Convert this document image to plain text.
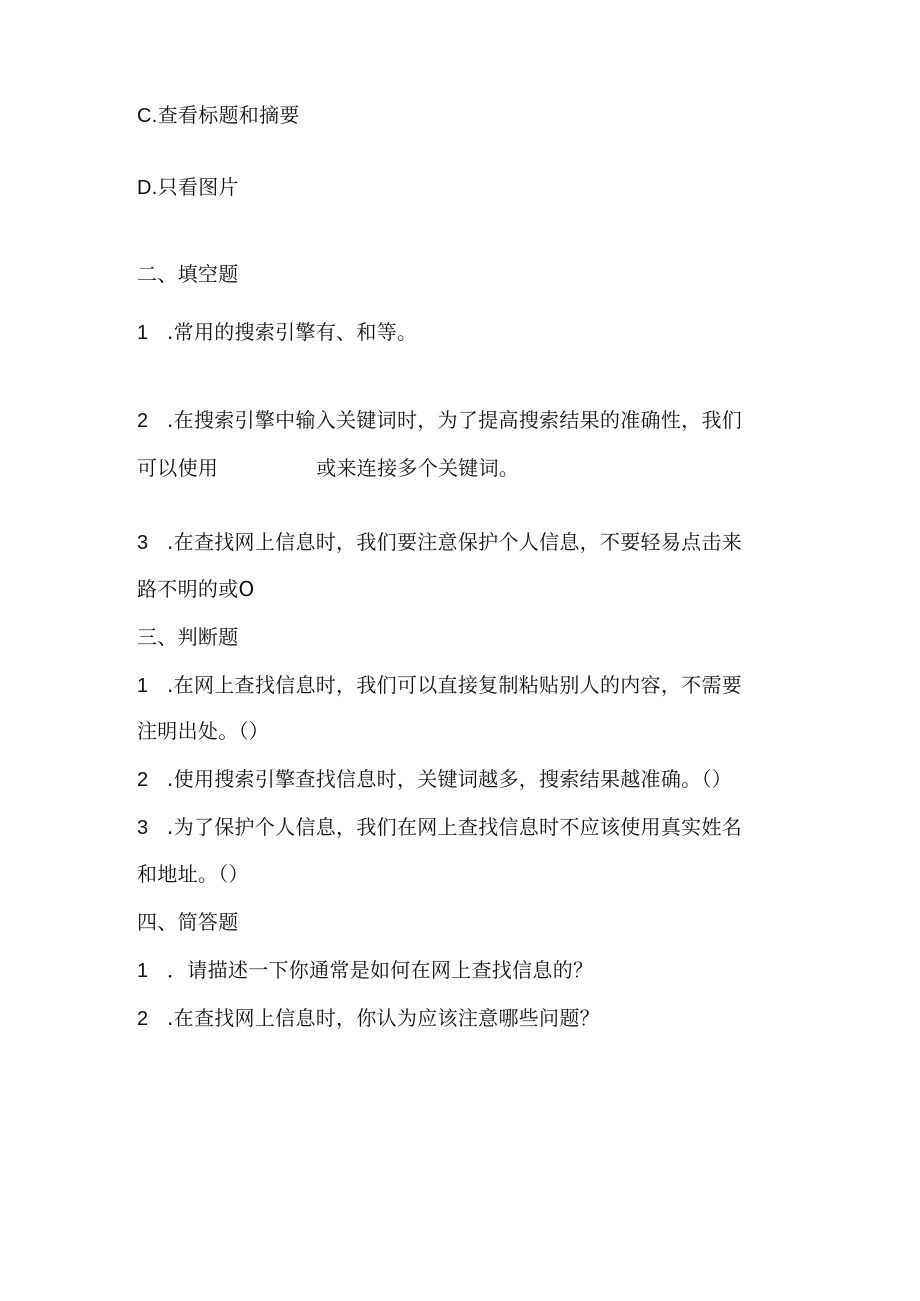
C.查看标题和摘要
D.只看图片
二、填空题
1 .常用的搜索引擎有、和等。
2 .在搜索引擎中输入关键词时，为了提高搜索结果的准确性，我们
可以使用	或来连接多个关键词。
3 .在查找网上信息时，我们要注意保护个人信息，不要轻易点击来
路不明的或O
三、判断题
1 .在网上查找信息时，我们可以直接复制粘贴别人的内容，不需要
注明出处。（）
2 .使用搜索引擎查找信息时，关键词越多，搜索结果越准确。（）
3 .为了保护个人信息，我们在网上查找信息时不应该使用真实姓名
和地址。（）
四、简答题
1 ．请描述一下你通常是如何在网上查找信息的？
2 .在查找网上信息时，你认为应该注意哪些问题？
